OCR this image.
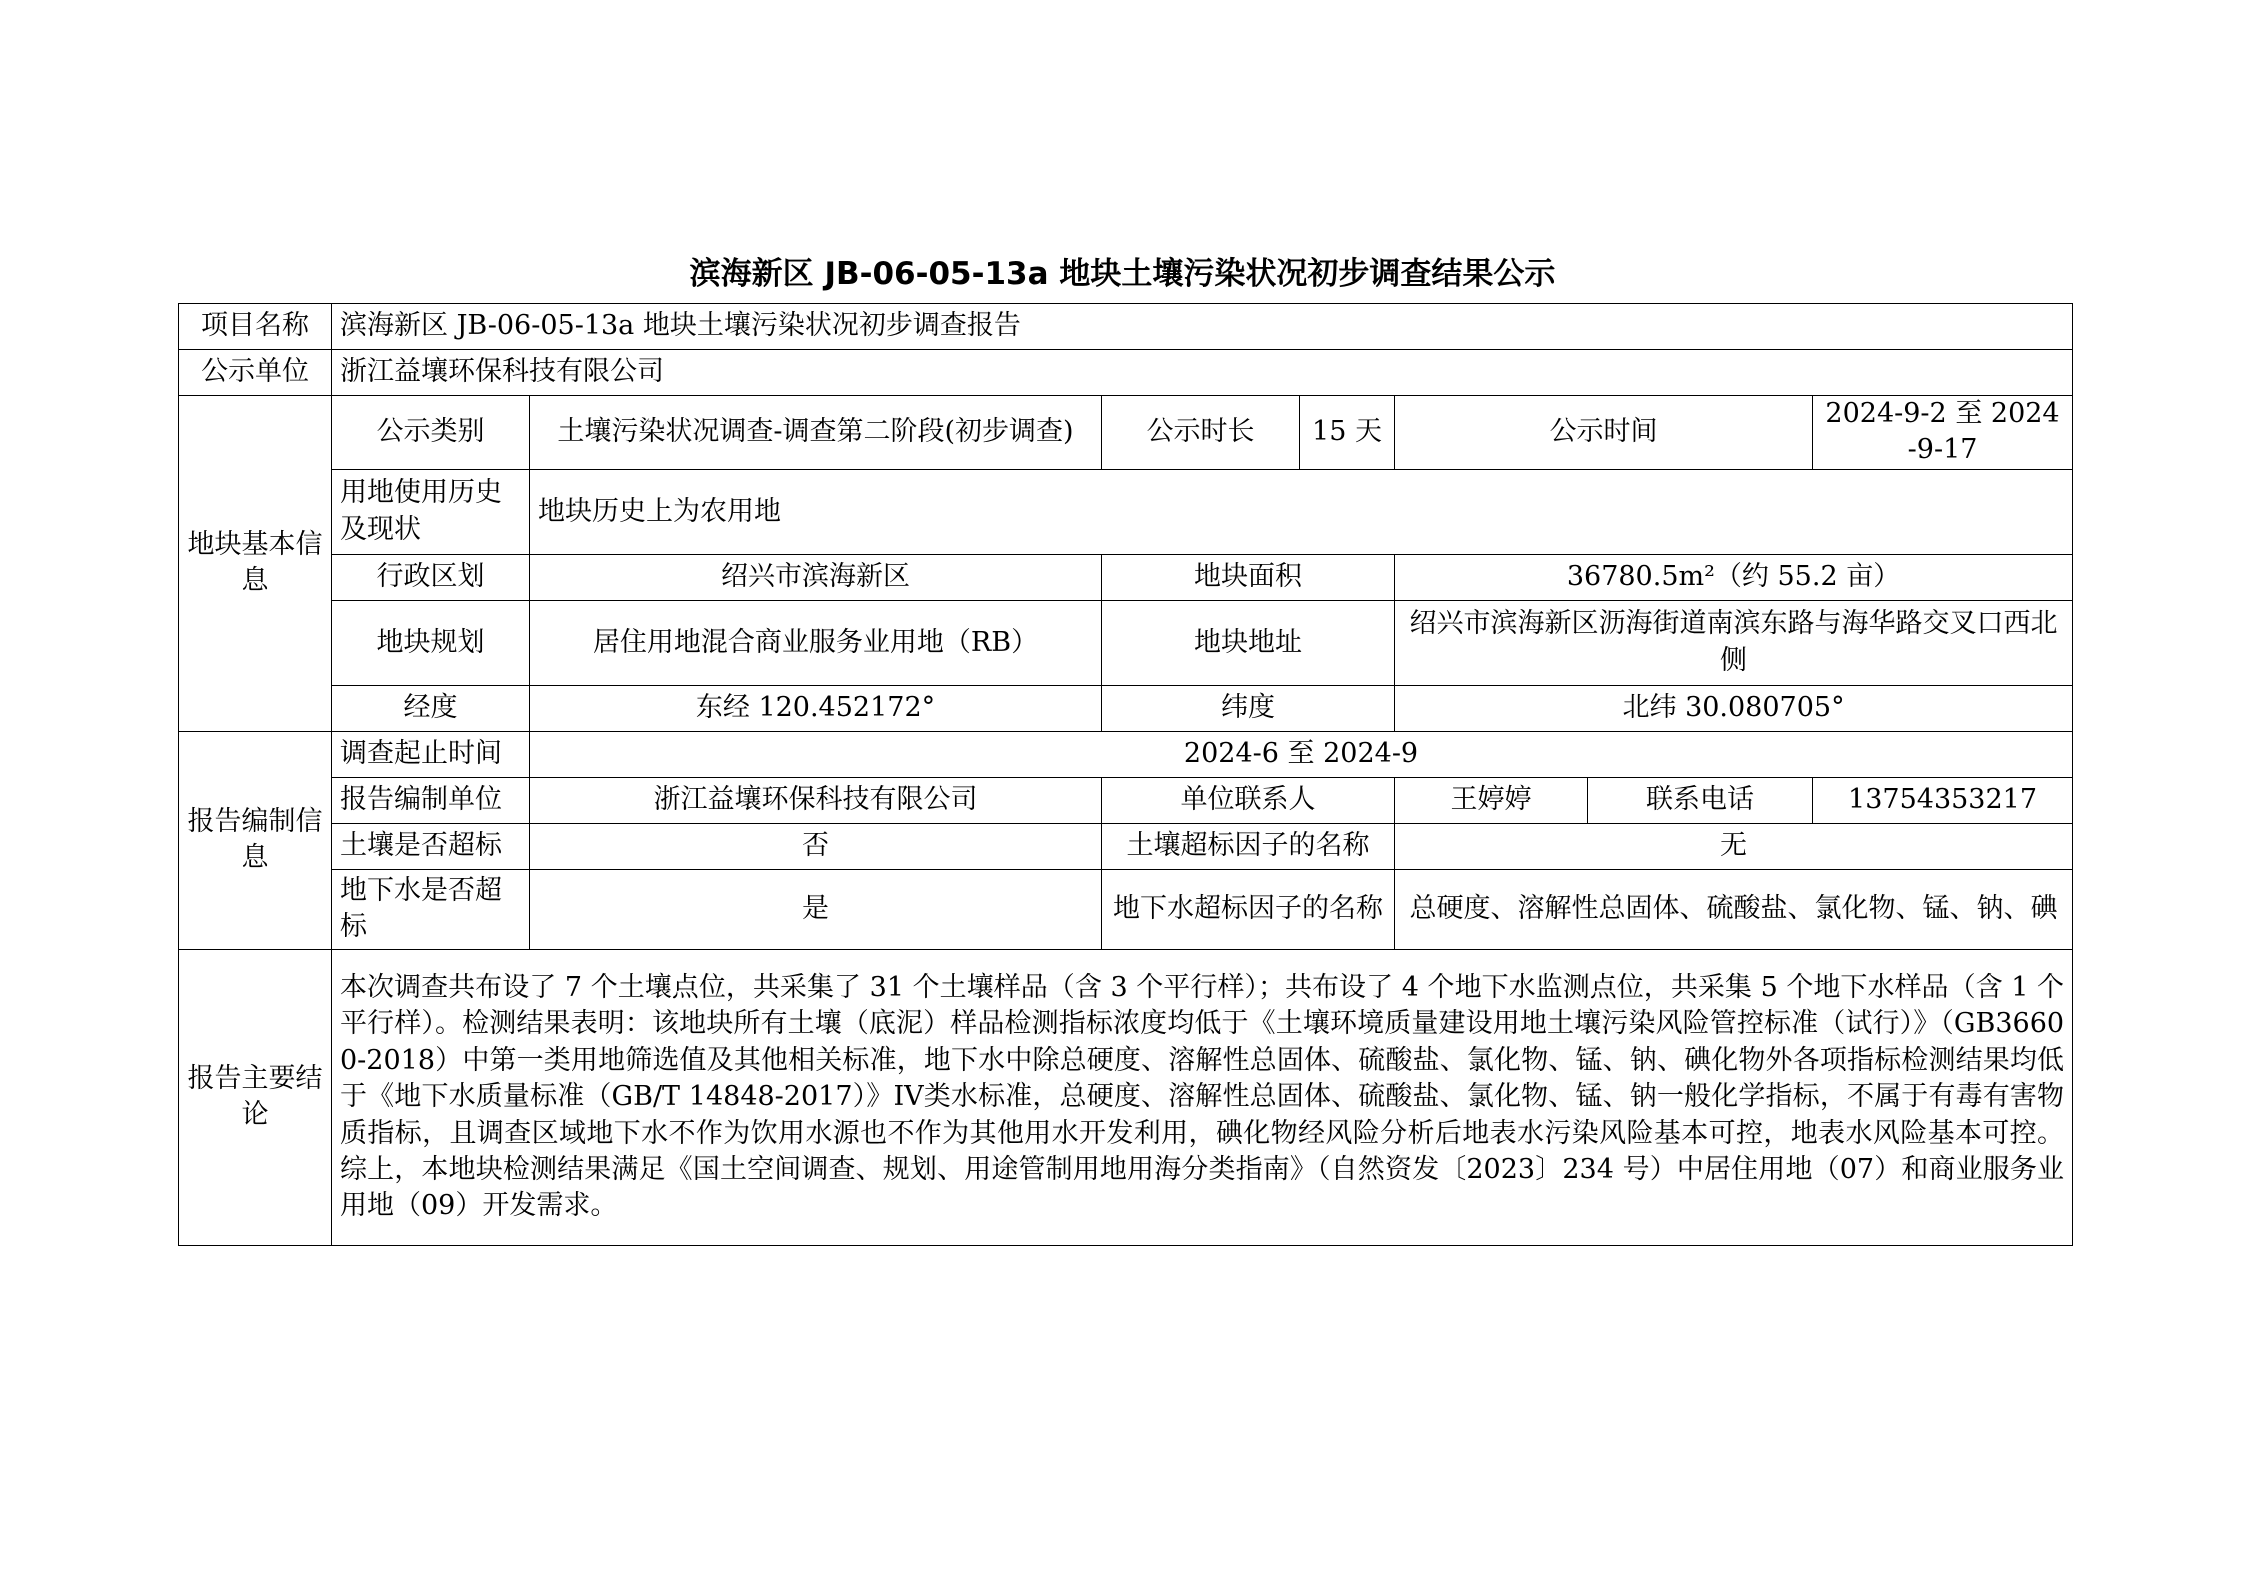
滨海新区 JB-06-05-13a 地块土壤污染状况初步调查结果公示
项目名称	滨海新区 JB-06-05-13a 地块土壤污染状况初步调查报告						
公示单位	浙江益壤环保科技有限公司						
地块基本信息	公示类别	土壤污染状况调查-调查第二阶段(初步调查)	公示时长	15 天	公示时间		2024-9-2 至 2024-9-17
	用地使用历史及现状	地块历史上为农用地					
	行政区划	绍兴市滨海新区	地块面积		36780.5m²（约 55.2 亩）		
	地块规划	居住用地混合商业服务业用地（RB）	地块地址		绍兴市滨海新区沥海街道南滨东路与海华路交叉口西北侧		
	经度	东经 120.452172°	纬度		北纬 30.080705°		
报告编制信息	调查起止时间	2024-6 至 2024-9					
	报告编制单位	浙江益壤环保科技有限公司	单位联系人		王婷婷	联系电话	13754353217
	土壤是否超标	否	土壤超标因子的名称		无		
	地下水是否超标	是	地下水超标因子的名称		总硬度、溶解性总固体、硫酸盐、氯化物、锰、钠、碘		
报告主要结论	本次调查共布设了 7 个土壤点位，共采集了 31 个土壤样品（含 3 个平行样）；共布设了 4 个地下水监测点位，共采集 5 个地下水样品（含 1 个平行样）。检测结果表明：该地块所有土壤（底泥）样品检测指标浓度均低于《土壤环境质量建设用地土壤污染风险管控标准（试行）》（GB36600-2018）中第一类用地筛选值及其他相关标准，地下水中除总硬度、溶解性总固体、硫酸盐、氯化物、锰、钠、碘化物外各项指标检测结果均低于《地下水质量标准（GB/T 14848-2017）》IV类水标准，总硬度、溶解性总固体、硫酸盐、氯化物、锰、钠一般化学指标，不属于有毒有害物质指标，且调查区域地下水不作为饮用水源也不作为其他用水开发利用，碘化物经风险分析后地表水污染风险基本可控，地表水风险基本可控。综上，本地块检测结果满足《国土空间调查、规划、用途管制用地用海分类指南》（自然资发〔2023〕234 号）中居住用地（07）和商业服务业用地（09）开发需求。						
